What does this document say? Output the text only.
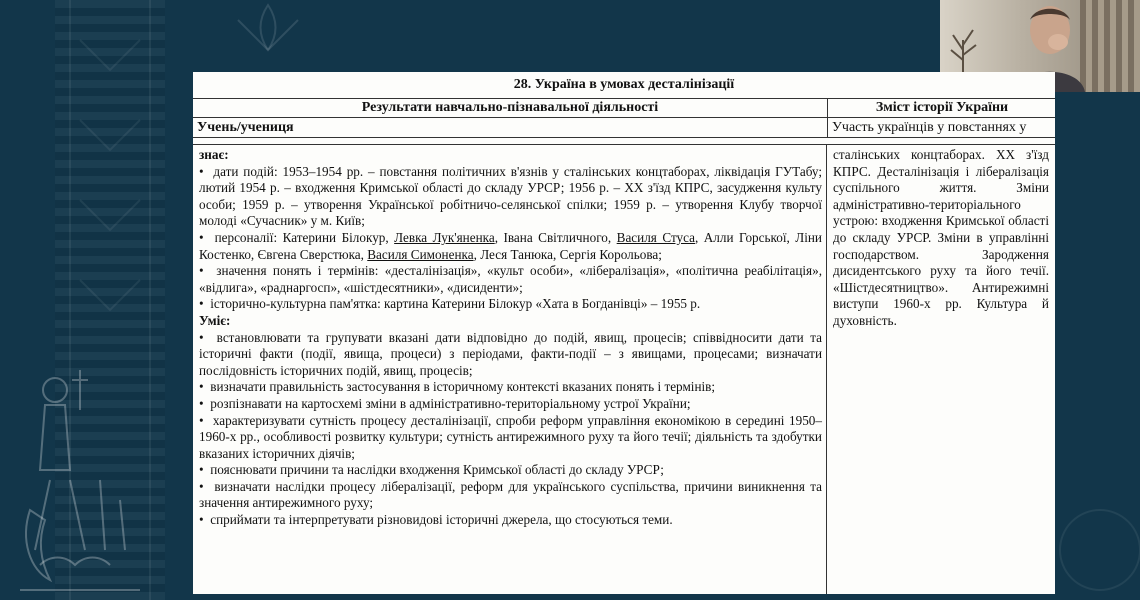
28. Україна в умовах десталінізації
Результати навчально-пізнавальної діяльності	Зміст історії України
Учень/учениця	Участь українців у повстаннях у

знає:

• дати подій: 1953–1954 рр. – повстання політичних в'язнів у сталінських концтаборах, ліквідація ГУТабу; лютий 1954 р. – входження Кримської області до складу УРСР; 1956 р. – XX з'їзд КПРС, засудження культу особи; 1959 р. – утворення Української робітничо-селянської спілки; 1959 р. – утворення Клубу творчої молоді «Сучасник» у м. Київ;

• персоналії: Катерини Білокур, Левка Лук'яненка, Івана Світличного, Василя Стуса, Алли Горської, Ліни Костенко, Євгена Сверстюка, Василя Симоненка, Леся Танюка, Сергія Корольова;

• значення понять і термінів: «десталінізація», «культ особи», «лібералізація», «політична реабілітація», «відлига», «раднаргосп», «шістдесятники», «дисиденти»;

• історично-культурна пам'ятка: картина Катерини Білокур «Хата в Богданівці» – 1955 р.

Уміє:

• встановлювати та групувати вказані дати відповідно до подій, явищ, процесів; співвідносити дати та історичні факти (події, явища, процеси) з періодами, факти-події – з явищами, процесами; визначати послідовність історичних подій, явищ, процесів;

• визначати правильність застосування в історичному контексті вказаних понять і термінів;

• розпізнавати на картосхемі зміни в адміністративно-територіальному устрої України;

• характеризувати сутність процесу десталінізації, спроби реформ управління економікою в середині 1950–1960-х рр., особливості розвитку культури; сутність антирежимного руху та його течії; діяльність та здобутки вказаних історичних діячів;

• пояснювати причини та наслідки входження Кримської області до складу УРСР;

• визначати наслідки процесу лібералізації, реформ для українського суспільства, причини виникнення та значення антирежимного руху;

• сприймати та інтерпретувати різновидові історичні джерела, що стосуються теми.

сталінських концтаборах. XX з'їзд КПРС. Десталінізація і лібералізація суспільного життя. Зміни адміністративно-територіального устрою: входження Кримської області до складу УРСР. Зміни в управлінні господарством. Зародження дисидентського руху та його течії. «Шістдесятництво». Антирежимні виступи 1960-х рр. Культура й духовність.
